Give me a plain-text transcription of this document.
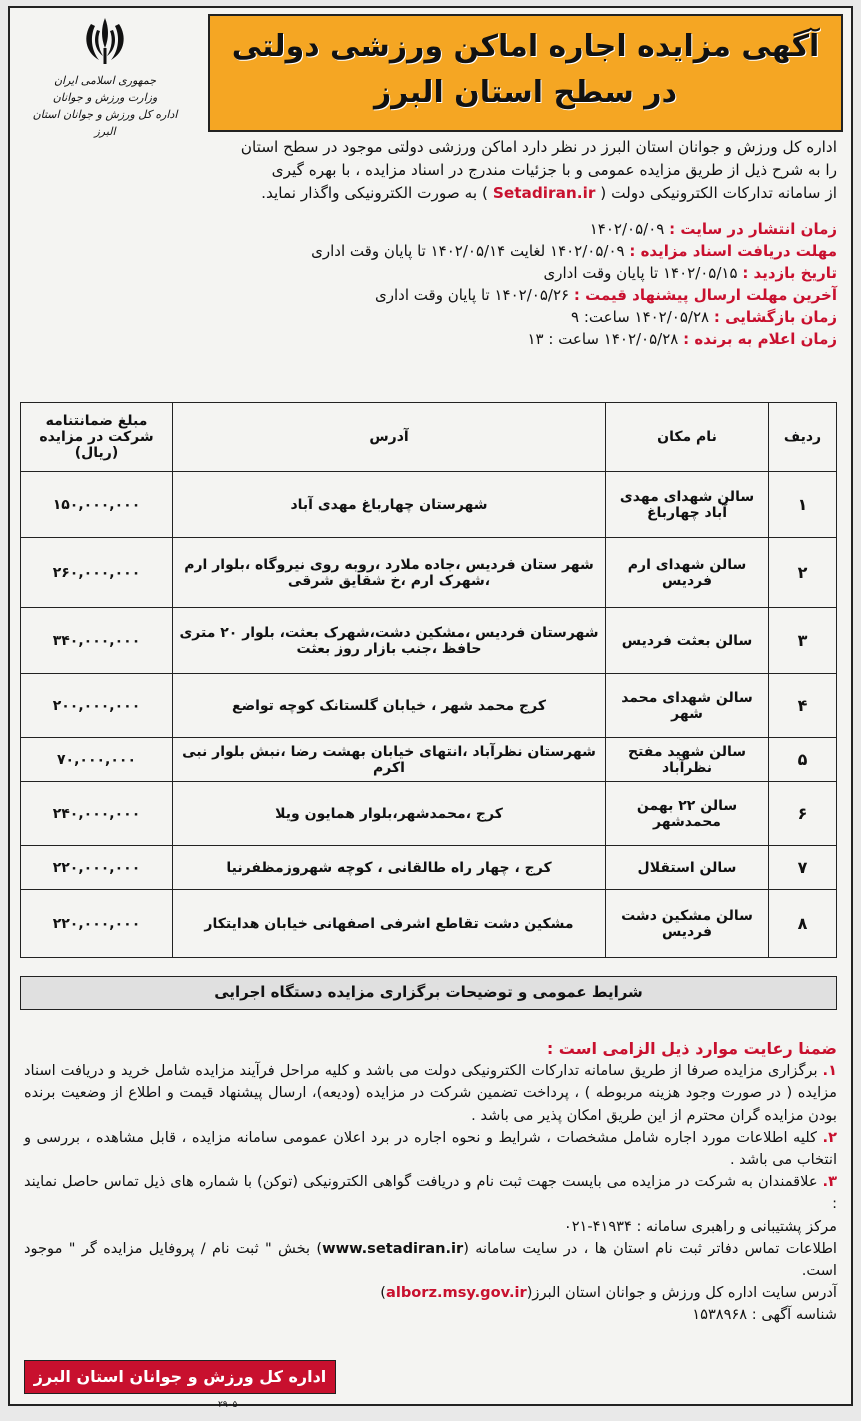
آگهی مزایده اجاره اماکن ورزشی دولتی
در سطح استان البرز
جمهوری اسلامی ایران
وزارت ورزش و جوانان
اداره کل ورزش و جوانان استان البرز
اداره کل ورزش و جوانان استان البرز در نظر دارد اماکن ورزشی دولتی موجود در سطح استان
را به شرح ذیل از طریق مزایده عمومی و با جزئیات مندرج در اسناد مزایده ، با بهره گیری
از سامانه تدارکات الکترونیکی دولت ( Setadiran.ir ) به صورت الکترونیکی واگذار نماید.
زمان انتشار در سایت : ۱۴۰۲/۰۵/۰۹
مهلت دریافت اسناد مزایده : ۱۴۰۲/۰۵/۰۹ لغایت ۱۴۰۲/۰۵/۱۴ تا پایان وقت اداری
تاریخ بازدید : ۱۴۰۲/۰۵/۱۵ تا پایان وقت اداری
آخرین مهلت ارسال پیشنهاد قیمت : ۱۴۰۲/۰۵/۲۶ تا پایان وقت اداری
زمان بازگشایی : ۱۴۰۲/۰۵/۲۸ ساعت: ۹
زمان اعلام به برنده : ۱۴۰۲/۰۵/۲۸ ساعت : ۱۳
ردیف	نام مکان	آدرس	مبلغ ضمانتنامه شرکت در مزایده (ریال)
۱	سالن شهدای مهدی آباد چهارباغ	شهرستان چهارباغ مهدی آباد	۱۵۰,۰۰۰,۰۰۰
۲	سالن شهدای ارم فردیس	شهر ستان فردیس ،جاده ملارد ،روبه روی نیروگاه ،بلوار ارم ،شهرک ارم ،خ شقایق شرقی	۲۶۰,۰۰۰,۰۰۰
۳	سالن بعثت فردیس	شهرستان فردیس ،مشکین دشت،شهرک بعثت، بلوار ۲۰ متری حافظ ،جنب بازار روز بعثت	۳۴۰,۰۰۰,۰۰۰
۴	سالن شهدای محمد شهر	کرج محمد شهر ، خیابان گلستانک کوچه تواضع	۲۰۰,۰۰۰,۰۰۰
۵	سالن شهید مفتح نظرآباد	شهرستان نظرآباد ،انتهای خیابان بهشت رضا ،نبش بلوار نبی اکرم	۷۰,۰۰۰,۰۰۰
۶	سالن ۲۲ بهمن محمدشهر	کرج ،محمدشهر،بلوار همایون ویلا	۲۴۰,۰۰۰,۰۰۰
۷	سالن استقلال	کرج ، چهار راه طالقانی ، کوچه شهروزمظفرنیا	۲۲۰,۰۰۰,۰۰۰
۸	سالن مشکین دشت فردیس	مشکین دشت تقاطع اشرفی اصفهانی خیابان هدایتکار	۲۲۰,۰۰۰,۰۰۰
شرایط عمومی و توضیحات برگزاری مزایده دستگاه اجرایی

ضمنا رعایت موارد ذیل الزامی است :

۱. برگزاری مزایده صرفا از طریق سامانه تدارکات الکترونیکی دولت می باشد و کلیه مراحل فرآیند مزایده شامل خرید و دریافت اسناد مزایده ( در صورت وجود هزینه مربوطه ) ، پرداخت تضمین شرکت در مزایده (ودیعه)، ارسال پیشنهاد قیمت و اطلاع از وضعیت برنده بودن مزایده گران محترم از این طریق امکان پذیر می باشد .

۲. کلیه اطلاعات مورد اجاره شامل مشخصات ، شرایط و نحوه اجاره در برد اعلان عمومی سامانه مزایده ، قابل مشاهده ، بررسی و انتخاب می باشد .

۳. علاقمندان به شرکت در مزایده می بایست جهت ثبت نام و دریافت گواهی الکترونیکی (توکن) با شماره های ذیل تماس حاصل نمایند :

مرکز پشتیبانی و راهبری سامانه : ۴۱۹۳۴-۰۲۱

اطلاعات تماس دفاتر ثبت نام استان ها ، در سایت سامانه (www.setadiran.ir) بخش " ثبت نام / پروفایل مزایده گر " موجود است.

آدرس سایت اداره کل ورزش و جوانان استان البرز(alborz.msy.gov.ir)

شناسه آگهی : ۱۵۳۸۹۶۸

اداره کل ورزش و جوانان استان البرز
۲۹۰۵
